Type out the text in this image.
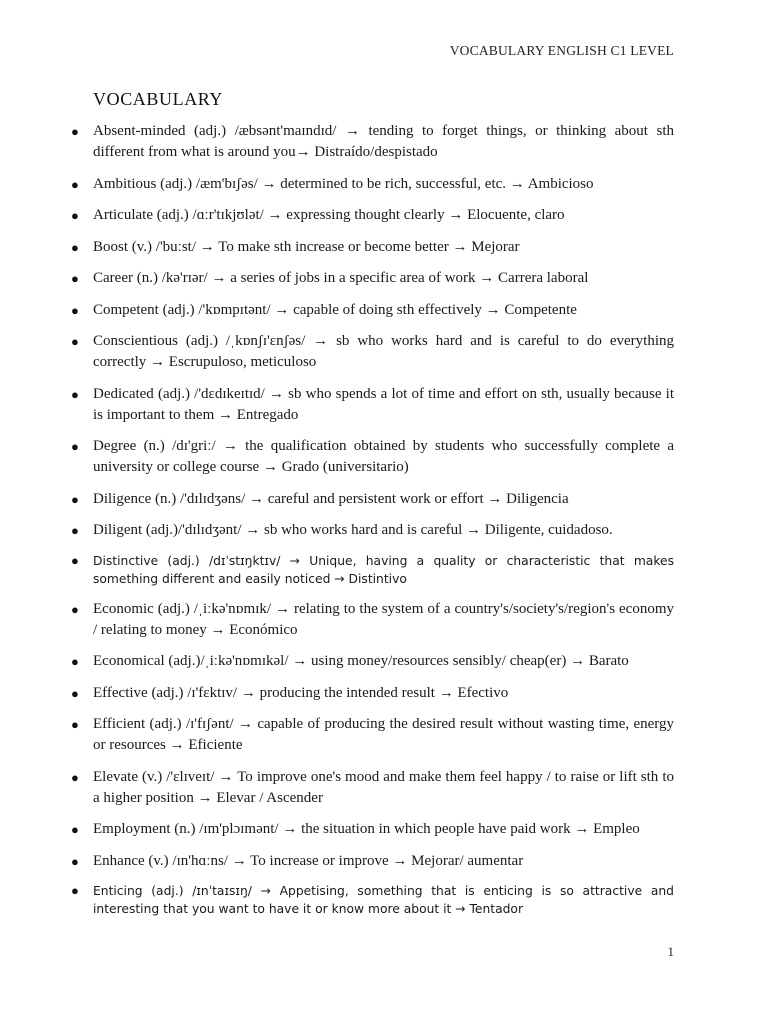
VOCABULARY ENGLISH C1 LEVEL
VOCABULARY
● Absent-minded (adj.) /æbsənt'maɪndɪd/ → tending to forget things, or thinking about sth different from what is around you→ Distraído/despistado
● Ambitious (adj.) /æm'bɪʃəs/ → determined to be rich, successful, etc. → Ambicioso
● Articulate (adj.) /ɑːr'tɪkjʊlət/ → expressing thought clearly → Elocuente, claro
● Boost (v.) /'buːst/ → To make sth increase or become better → Mejorar
● Career (n.) /kə'rɪər/ → a series of jobs in a specific area of work → Carrera laboral
● Competent (adj.) /'kɒmpɪtənt/ → capable of doing sth effectively → Competente
● Conscientious (adj.) /ˌkɒnʃɪ'ɛnʃəs/ → sb who works hard and is careful to do everything correctly → Escrupuloso, meticuloso
● Dedicated (adj.) /'dɛdɪkeɪtɪd/ → sb who spends a lot of time and effort on sth, usually because it is important to them → Entregado
● Degree (n.) /dɪ'griː/ → the qualification obtained by students who successfully complete a university or college course → Grado (universitario)
● Diligence (n.) /'dɪlɪdʒəns/ → careful and persistent work or effort → Diligencia
● Diligent (adj.)/'dɪlɪdʒənt/ → sb who works hard and is careful → Diligente, cuidadoso.
● Distinctive (adj.) /dɪˈstɪŋktɪv/ → Unique, having a quality or characteristic that makes something different and easily noticed → Distintivo
● Economic (adj.) /ˌiːkə'nɒmɪk/ → relating to the system of a country's/society's/region's economy / relating to money → Económico
● Economical (adj.)/ˌiːkə'nɒmɪkəl/ → using money/resources sensibly/ cheap(er) → Barato
● Effective (adj.) /ɪ'fɛktɪv/ → producing the intended result → Efectivo
● Efficient (adj.) /ɪ'fɪʃənt/ → capable of producing the desired result without wasting time, energy or resources → Eficiente
● Elevate (v.) /'ɛlɪveɪt/ → To improve one's mood and make them feel happy / to raise or lift sth to a higher position → Elevar / Ascender
● Employment (n.) /ɪm'plɔɪmənt/ → the situation in which people have paid work → Empleo
● Enhance (v.) /ɪn'hɑːns/ → To increase or improve → Mejorar/ aumentar
● Enticing (adj.) /ɪnˈtaɪsɪŋ/ → Appetising, something that is enticing is so attractive and interesting that you want to have it or know more about it → Tentador
1
